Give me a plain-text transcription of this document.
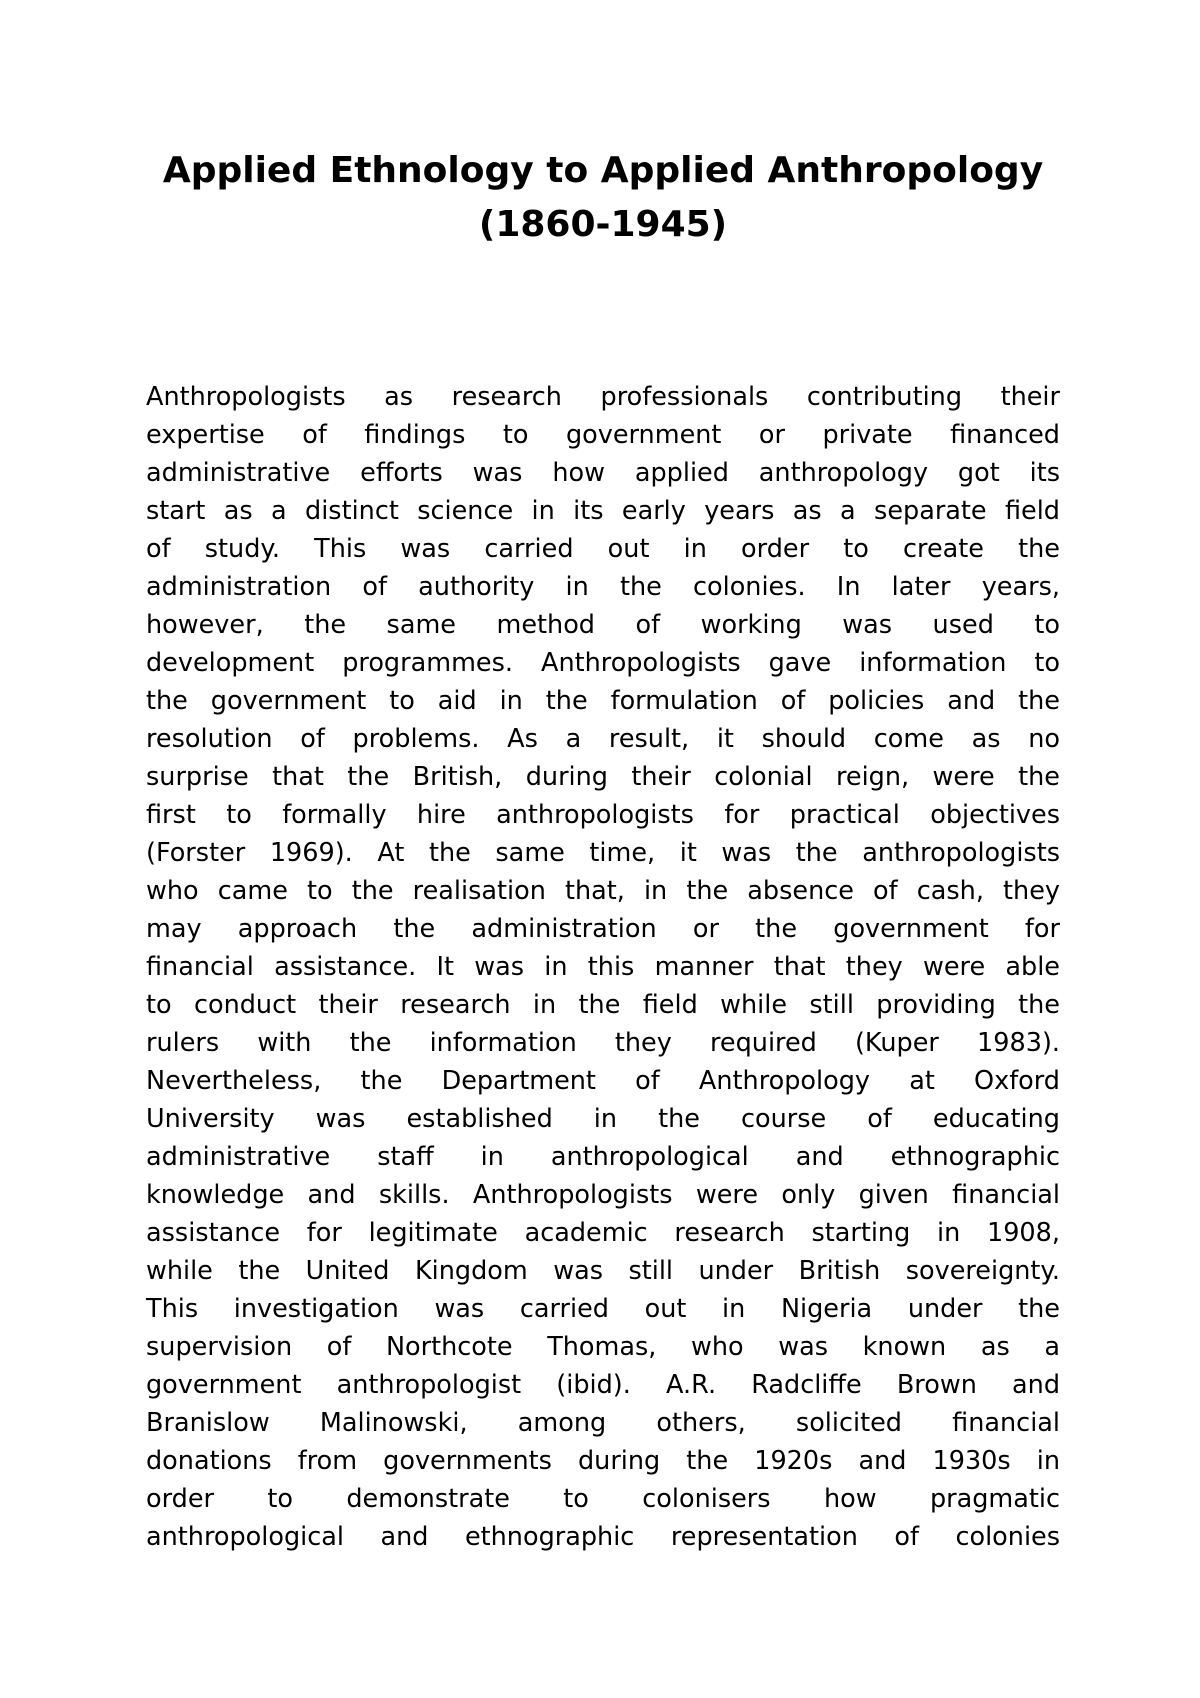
Applied Ethnology to Applied Anthropology
(1860-1945)
Anthropologists as research professionals contributing their
expertise of findings to government or private financed
administrative efforts was how applied anthropology got its
start as a distinct science in its early years as a separate field
of study. This was carried out in order to create the
administration of authority in the colonies. In later years,
however, the same method of working was used to
development programmes. Anthropologists gave information to
the government to aid in the formulation of policies and the
resolution of problems. As a result, it should come as no
surprise that the British, during their colonial reign, were the
first to formally hire anthropologists for practical objectives
(Forster 1969). At the same time, it was the anthropologists
who came to the realisation that, in the absence of cash, they
may approach the administration or the government for
financial assistance. It was in this manner that they were able
to conduct their research in the field while still providing the
rulers with the information they required (Kuper 1983).
Nevertheless, the Department of Anthropology at Oxford
University was established in the course of educating
administrative staff in anthropological and ethnographic
knowledge and skills. Anthropologists were only given financial
assistance for legitimate academic research starting in 1908,
while the United Kingdom was still under British sovereignty.
This investigation was carried out in Nigeria under the
supervision of Northcote Thomas, who was known as a
government anthropologist (ibid). A.R. Radcliffe Brown and
Branislow Malinowski, among others, solicited financial
donations from governments during the 1920s and 1930s in
order to demonstrate to colonisers how pragmatic
anthropological and ethnographic representation of colonies
